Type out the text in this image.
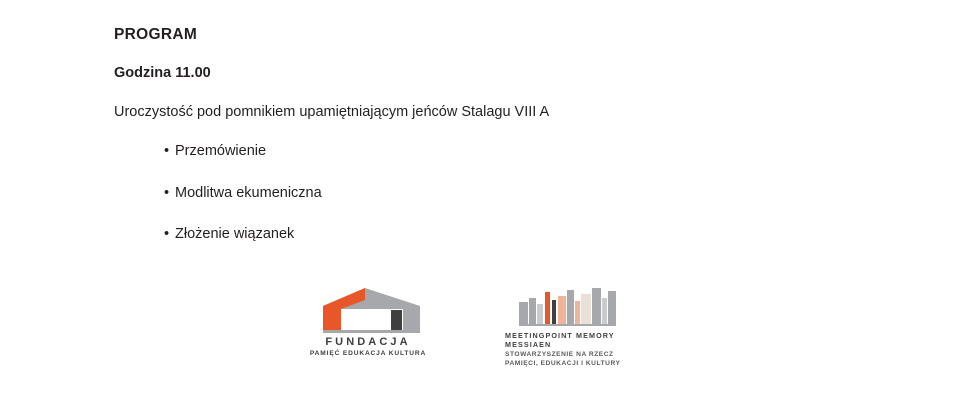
PROGRAM
Godzina 11.00

Uroczystość pod pomnikiem upamiętniającym jeńców Stalagu VIII A

• Przemówienie
• Modlitwa ekumeniczna
• Złożenie wiązanek
FUNDACJA
PAMIĘĆ EDUKACJA KULTURA
MEETINGPOINT MEMORY MESSIAEN
STOWARZYSZENIE NA RZECZ PAMIĘCI, EDUKACJI I KULTURY
